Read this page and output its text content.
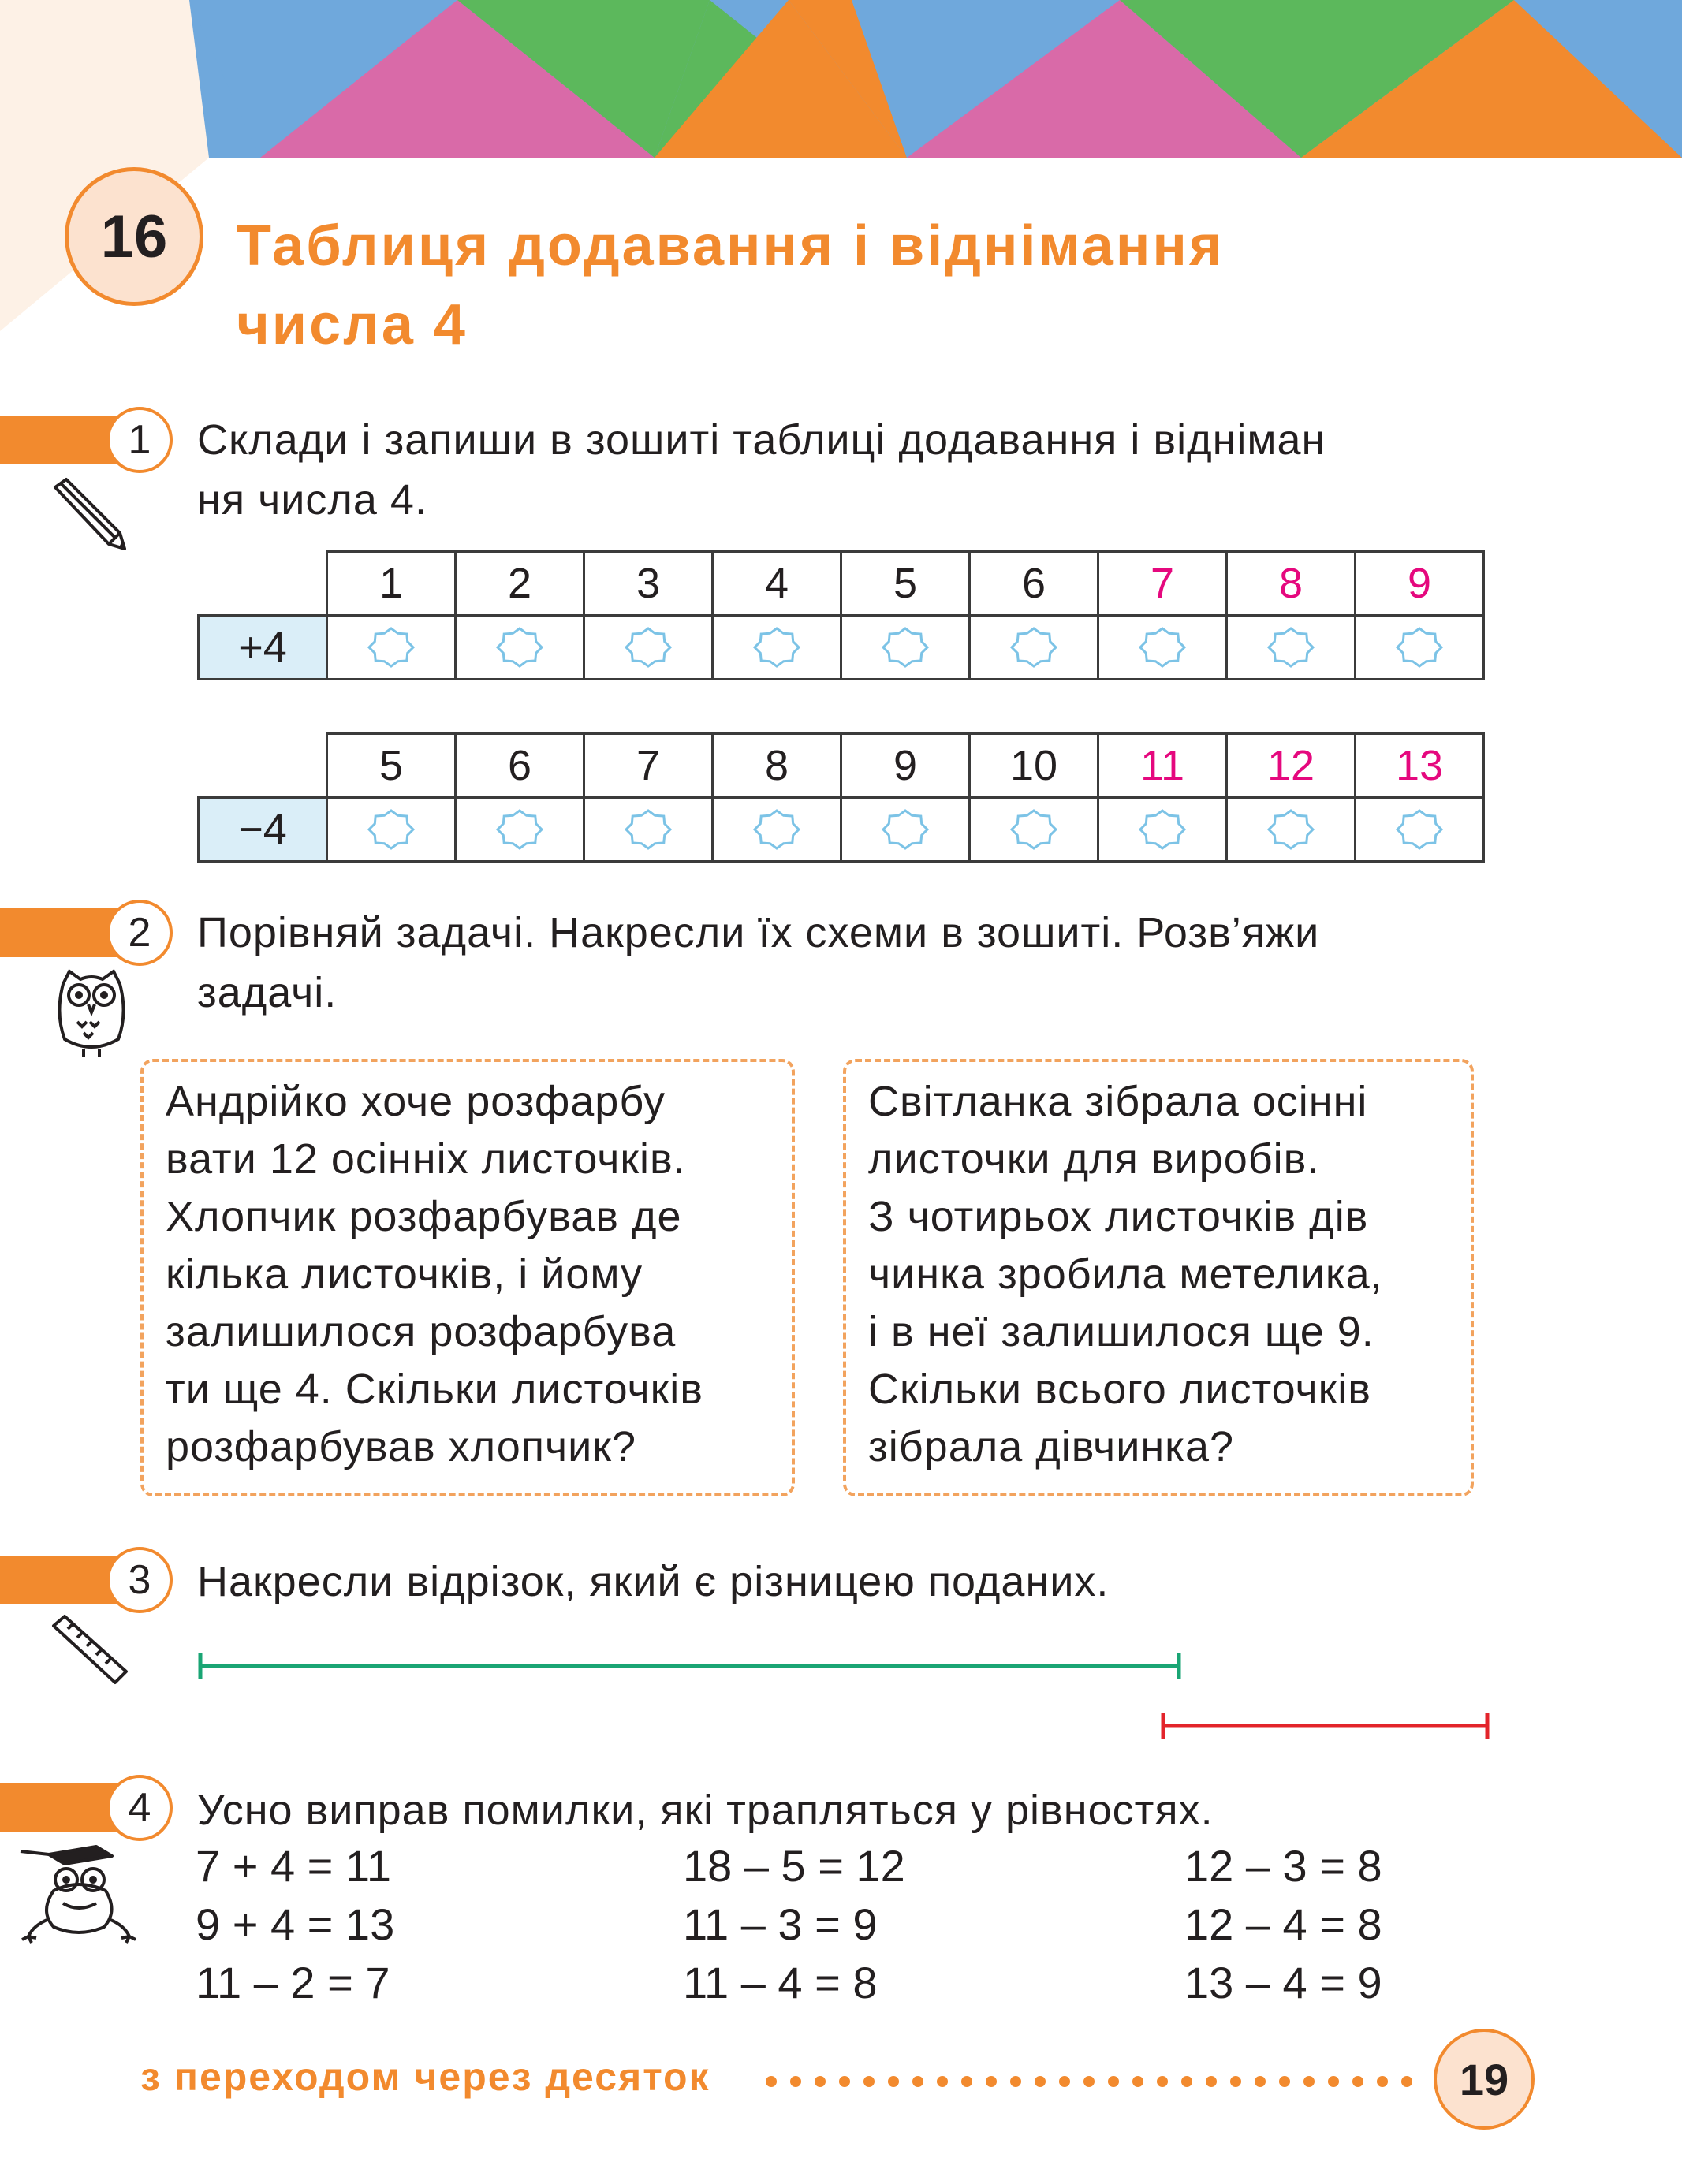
16	Таблиця додавання і віднімання
числа 4
1	Склади і запиши в зошиті таблиці додавання і відніман
ня числа 4.
	1	2	3	4	5	6	7	8	9
+4	

	5	6	7	8	9	10	11	12	13
−4	

2	Порівняй задачі. Накресли їх схеми в зошиті. Розв’яжи
задачі.
Андрійко хоче розфарбу
вати 12 осінніх листочків.
Хлопчик розфарбував де
кілька листочків, і йому
залишилося розфарбува
ти ще 4. Скільки листочків
розфарбував хлопчик?
Світланка зібрала осінні
листочки для виробів.
З чотирьох листочків дів
чинка зробила метелика,
і в неї залишилося ще 9.
Скільки всього листочків
зібрала дівчинка?
3	Накресли відрізок, який є різницею поданих.
4	Усно виправ помилки, які трапляться у рівностях.
7 + 4 = 11
9 + 4 = 13
11 – 2 = 7
18 – 5 = 12
11 – 3 = 9
11 – 4 = 8
12 – 3 = 8
12 – 4 = 8
13 – 4 = 9
з переходом через десяток	19
